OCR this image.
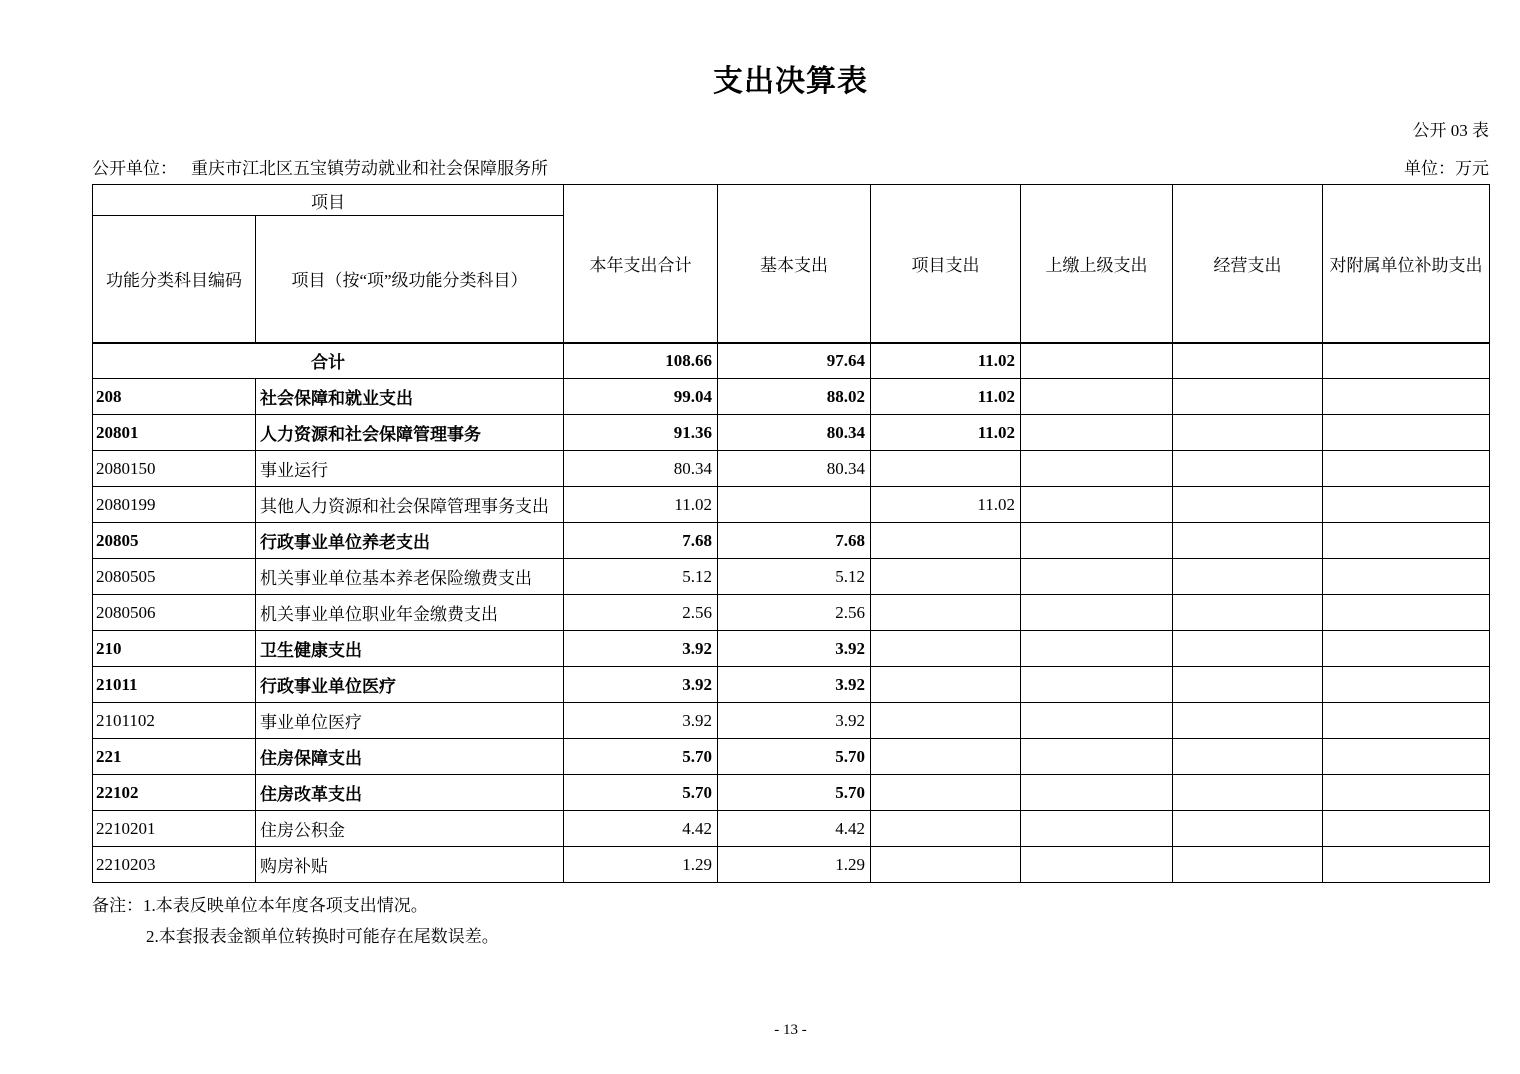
支出决算表
公开 03 表
公开单位： 重庆市江北区五宝镇劳动就业和社会保障服务所	单位：万元
项目		本年支出合计	基本支出	项目支出	上缴上级支出	经营支出	对附属单位补助支出
功能分类科目编码	项目（按“项”级功能分类科目）						
合计		108.66	97.64	11.02			
208	社会保障和就业支出	99.04	88.02	11.02			
20801	人力资源和社会保障管理事务	91.36	80.34	11.02			
2080150	事业运行	80.34	80.34				
2080199	其他人力资源和社会保障管理事务支出	11.02		11.02			
20805	行政事业单位养老支出	7.68	7.68				
2080505	机关事业单位基本养老保险缴费支出	5.12	5.12				
2080506	机关事业单位职业年金缴费支出	2.56	2.56				
210	卫生健康支出	3.92	3.92				
21011	行政事业单位医疗	3.92	3.92				
2101102	事业单位医疗	3.92	3.92				
221	住房保障支出	5.70	5.70				
22102	住房改革支出	5.70	5.70				
2210201	住房公积金	4.42	4.42				
2210203	购房补贴	1.29	1.29				
备注：1.本表反映单位本年度各项支出情况。
2.本套报表金额单位转换时可能存在尾数误差。
- 13 -
